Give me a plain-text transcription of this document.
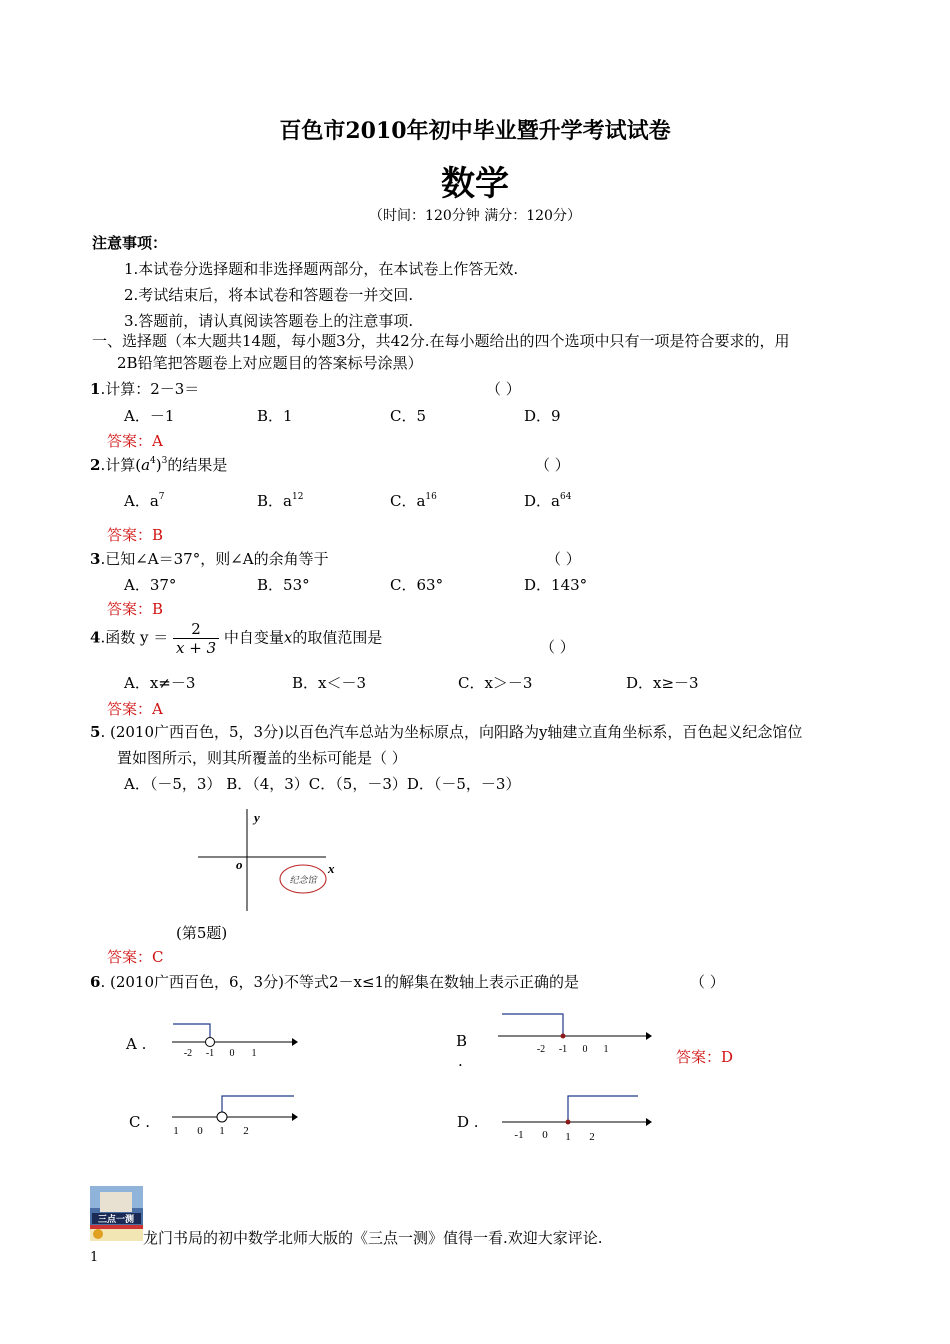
百色市2010年初中毕业暨升学考试试卷
数学
（时间：120分钟 满分：120分）
注意事项：
1.本试卷分选择题和非选择题两部分，在本试卷上作答无效.
2.考试结束后，将本试卷和答题卷一并交回.
3.答题前，请认真阅读答题卷上的注意事项.
一、选择题（本大题共14题，每小题3分，共42分.在每小题给出的四个选项中只有一项是符合要求的，用
2B铅笔把答题卷上对应题目的答案标号涂黑）
1.计算：2－3＝	（ ）
A．－1	B．1	C．5	D．9
答案：A
2.计算$(a^4)^3$的结果是	（ ）
A．$a^7$	B．$a^{12}$	C．$a^{16}$	D．$a^{64}$
答案：B
3.已知∠A＝37°，则∠A的余角等于	（ ）
A．37°	B．53°	C．63°	D．143°
答案：B
4.函数 $y = \frac{2}{x + 3}$ 中自变量x的取值范围是
（ ）
A．x≠－3	B．x＜－3	C．x＞－3	D．x≥－3
答案：A
5. (2010广西百色，5，3分)以百色汽车总站为坐标原点，向阳路为y轴建立直角坐标系，百色起义纪念馆位
置如图所示，则其所覆盖的坐标可能是（ ）
A．（－5，3） B．（4，3）C．（5，－3）D．（－5，－3）
y
x
o
纪念馆
(第5题)
答案：C
6. (2010广西百色，6，3分)不等式2－x≤1的解集在数轴上表示正确的是	（ ）
A .
-2 -1 0 1
B
.
-2 -1 0 1	答案：D
C . 1 0 1 2	D .
-1 0 1 2
三点一测
龙门书局的初中数学北师大版的《三点一测》值得一看.欢迎大家评论.
1
